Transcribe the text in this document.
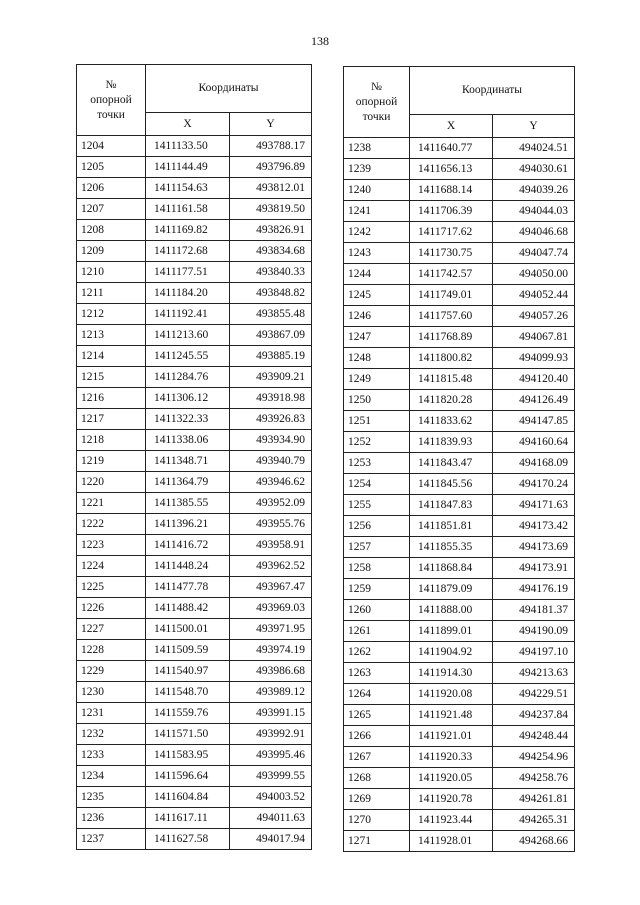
138
№
опорной
точки	Координаты	
	X	Y
1204	1411133.50	493788.17
1205	1411144.49	493796.89
1206	1411154.63	493812.01
1207	1411161.58	493819.50
1208	1411169.82	493826.91
1209	1411172.68	493834.68
1210	1411177.51	493840.33
1211	1411184.20	493848.82
1212	1411192.41	493855.48
1213	1411213.60	493867.09
1214	1411245.55	493885.19
1215	1411284.76	493909.21
1216	1411306.12	493918.98
1217	1411322.33	493926.83
1218	1411338.06	493934.90
1219	1411348.71	493940.79
1220	1411364.79	493946.62
1221	1411385.55	493952.09
1222	1411396.21	493955.76
1223	1411416.72	493958.91
1224	1411448.24	493962.52
1225	1411477.78	493967.47
1226	1411488.42	493969.03
1227	1411500.01	493971.95
1228	1411509.59	493974.19
1229	1411540.97	493986.68
1230	1411548.70	493989.12
1231	1411559.76	493991.15
1232	1411571.50	493992.91
1233	1411583.95	493995.46
1234	1411596.64	493999.55
1235	1411604.84	494003.52
1236	1411617.11	494011.63
1237	1411627.58	494017.94
№
опорной
точки	Координаты	
	X	Y
1238	1411640.77	494024.51
1239	1411656.13	494030.61
1240	1411688.14	494039.26
1241	1411706.39	494044.03
1242	1411717.62	494046.68
1243	1411730.75	494047.74
1244	1411742.57	494050.00
1245	1411749.01	494052.44
1246	1411757.60	494057.26
1247	1411768.89	494067.81
1248	1411800.82	494099.93
1249	1411815.48	494120.40
1250	1411820.28	494126.49
1251	1411833.62	494147.85
1252	1411839.93	494160.64
1253	1411843.47	494168.09
1254	1411845.56	494170.24
1255	1411847.83	494171.63
1256	1411851.81	494173.42
1257	1411855.35	494173.69
1258	1411868.84	494173.91
1259	1411879.09	494176.19
1260	1411888.00	494181.37
1261	1411899.01	494190.09
1262	1411904.92	494197.10
1263	1411914.30	494213.63
1264	1411920.08	494229.51
1265	1411921.48	494237.84
1266	1411921.01	494248.44
1267	1411920.33	494254.96
1268	1411920.05	494258.76
1269	1411920.78	494261.81
1270	1411923.44	494265.31
1271	1411928.01	494268.66
